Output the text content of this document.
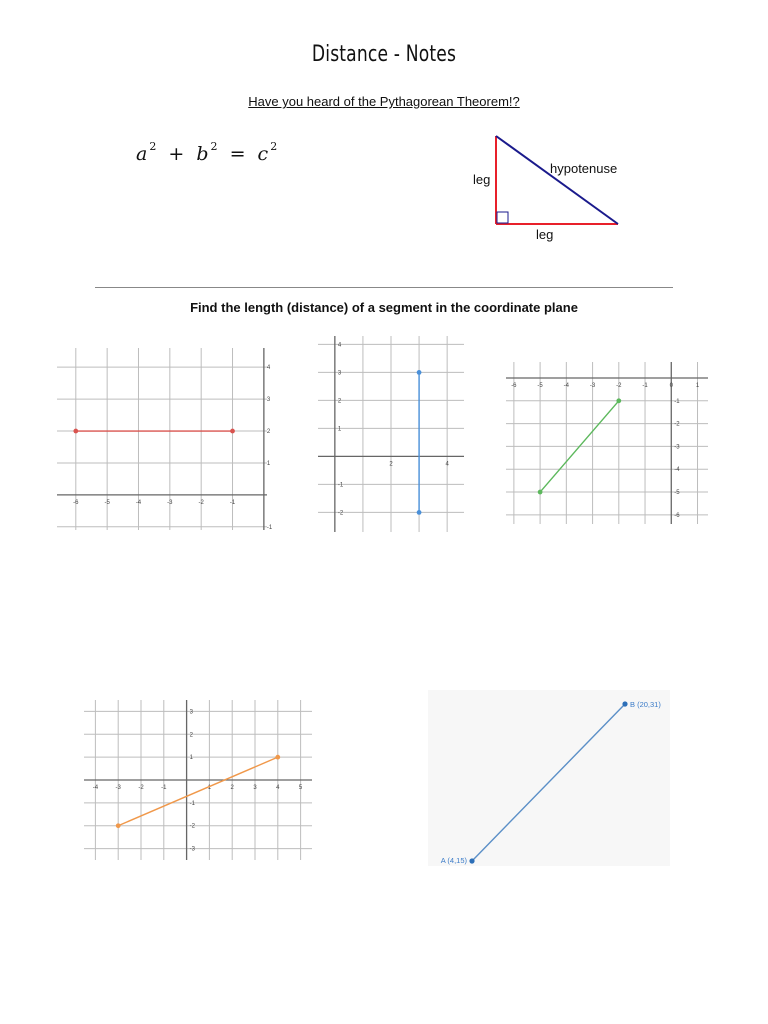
Distance - Notes
Have you heard of the Pythagorean Theorem!?
a $^2$ + b $^2$ = c $^2$
leg
leg
hypotenuse
Find the length (distance) of a segment in the coordinate plane
-6	-5	-4	-3	-2	-1
4
3
2
1
-1
2	4
4
3
2
1
-1
-2
-6	-5	-4	-3	-2	-1	0	1
-1
-2
-3
-4
-5
-6
-4	-3	-2	-1	1	2	3	4	5
3
2
1
-1
-2
-3
A (4,15)
B (20,31)
